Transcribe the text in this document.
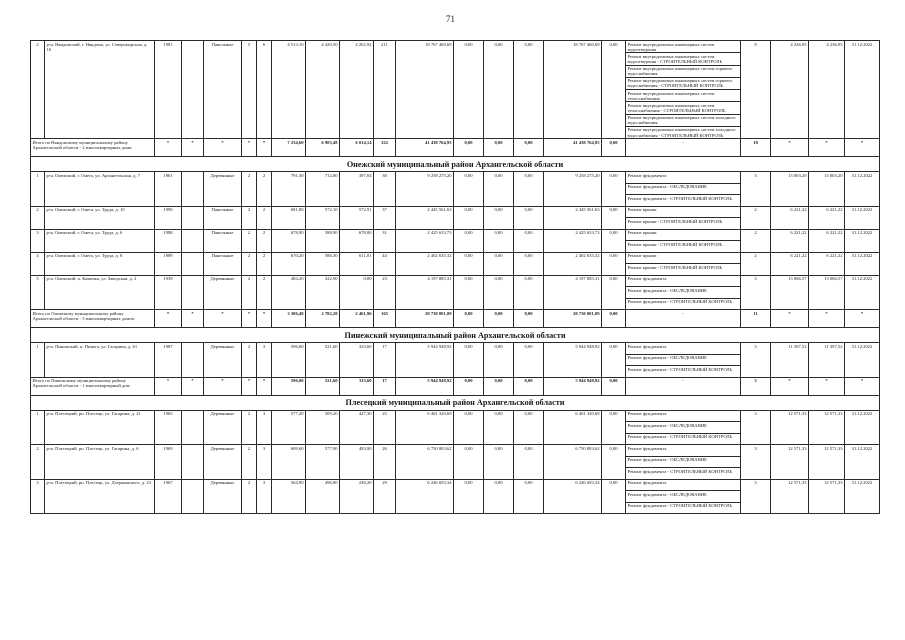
71
2	р-н. Няндомский, г. Няндома, ул. Североморская, д. 16	1981		Панельные	5	6	4 513,10	4 429,50	4 202,92	211	18 767 460,69	0,00	0,00	0,00	18 767 460,69	0,00	Ремонт внутридомовых инженерных систем водоотведения	8	4 236,95	4 236,95	31.12.2022
																	Ремонт внутридомовых инженерных систем водоотведения - СТРОИТЕЛЬНЫЙ КОНТРОЛЬ				
																	Ремонт внутридомовых инженерных систем горячего водоснабжения				
																	Ремонт внутридомовых инженерных систем горячего водоснабжения - СТРОИТЕЛЬНЫЙ КОНТРОЛЬ				
																	Ремонт внутридомовых инженерных систем теплоснабжения				
																	Ремонт внутридомовых инженерных систем теплоснабжения - СТРОИТЕЛЬНЫЙ КОНТРОЛЬ				
																	Ремонт внутридомовых инженерных систем холодного водоснабжения				
																	Ремонт внутридомовых инженерных систем холодного водоснабжения - СТРОИТЕЛЬНЫЙ КОНТРОЛЬ				
Итого по Няндомскому муниципальному району Архангельской области - 2 многоквартирных дома:		*	*	*	*	*	7 234,60	6 983,48	6 014,14	322	41 438 764,95	0,00	0,00	0,00	41 438 764,95	0,00	-	18	*	*	*
Онежский муниципальный район Архангельской области																					
1	р-н. Онежский, г. Онега, ул. Архангельская, д. 7	1961		Деревянные	2	2	791,30	712,00	397,04	30	9 258 275,20	0,00	0,00	0,00	9 258 275,20	0,00	Ремонт фундамента	3	13 003,20	13 003,20	31.12.2022
																	Ремонт фундамента - ОБСЛЕДОВАНИЕ				
																	Ремонт фундамента - СТРОИТЕЛЬНЫЙ КОНТРОЛЬ				
2	р-н. Онежский, г. Онега, ул. Труда, д. 10	1990		Панельные	2	2	681,80	572,10	572,91	37	2 445 561,63	0,00	0,00	0,00	2 445 561,63	0,00	Ремонт крыши	2	6 221,22	6 221,22	31.12.2022
																	Ремонт крыши - СТРОИТЕЛЬНЫЙ КОНТРОЛЬ				
3	р-н. Онежский, г. Онега, ул. Труда, д. 6	1988		Панельные	2	2	678,90	588,90	678,00	31	2 425 633,73	0,00	0,00	0,00	2 425 633,73	0,00	Ремонт крыши	2	6 221,22	6 221,22	31.12.2022
																	Ремонт крыши - СТРОИТЕЛЬНЫЙ КОНТРОЛЬ				
4	р-н. Онежский, г. Онега, ул. Труда, д. 8	1989		Панельные	2	2	670,20	586,30	611,01	44	2 402 635,32	0,00	0,00	0,00	2 402 635,32	0,00	Ремонт крыши	2	6 221,22	6 221,22	31.12.2022
																	Ремонт крыши - СТРОИТЕЛЬНЫЙ КОНТРОЛЬ				
5	р-н. Онежский, п. Каменка, ул. Заводская, д. 2	1939		Деревянные	2	2	484,20	322,90	0,00	23	4 197 885,31	0,00	0,00	0,00	4 197 885,31	0,00	Ремонт фундамента	3	13 066,57	13 066,57	31.12.2022
																	Ремонт фундамента - ОБСЛЕДОВАНИЕ				
																	Ремонт фундамента - СТРОИТЕЛЬНЫЙ КОНТРОЛЬ				
Итого по Онежскому муниципальному району Архангельской области - 5 многоквартирных домов:		*	*	*	*	*	3 306,40	2 782,20	2 461,96	165	20 730 001,09	0,00	0,00	0,00	20 730 001,09	0,00	-	11	*	*	*
Пинежский муниципальный район Архангельской области																					
1	р-н. Пинежский, п. Пинега, ул. Гагарина, д. 61	1987		Деревянные	2	3	596,00	521,60	333,60	17	5 944 948,92	0,00	0,00	0,00	5 944 948,92	0,00	Ремонт фундамента	3	11 397,52	11 397,52	31.12.2022
																	Ремонт фундамента - ОБСЛЕДОВАНИЕ				
																	Ремонт фундамента - СТРОИТЕЛЬНЫЙ КОНТРОЛЬ				
Итого по Пинежскому муниципальному району Архангельской области - 1 многоквартирный дом:		*	*	*	*	*	596,00	521,60	333,60	17	5 944 948,92	0,00	0,00	0,00	5 944 948,92	0,00	-	3	*	*	*
Плесецкий муниципальный район Архангельской области																					
1	р-н. Плесецкий, рп. Плесецк, ул. Гагарина, д. 21	1965		Деревянные	2	3	577,20	509,20	427,30	25	6 401 320,69	0,00	0,00	0,00	6 401 320,69	0,00	Ремонт фундамента	3	12 571,33	12 571,33	31.12.2022
																	Ремонт фундамента - ОБСЛЕДОВАНИЕ				
																	Ремонт фундамента - СТРОИТЕЛЬНЫЙ КОНТРОЛЬ				
2	р-н. Плесецкий, рп. Плесецк, ул. Гагарина, д. 6	1969		Деревянные	2	3	609,60	577,90	483,90	26	6 750 803,62	0,00	0,00	0,00	6 750 803,62	0,00	Ремонт фундамента	3	12 571,33	12 571,33	31.12.2022
																	Ремонт фундамента - ОБСЛЕДОВАНИЕ				
																	Ремонт фундамента - СТРОИТЕЛЬНЫЙ КОНТРОЛЬ				
3	р-н. Плесецкий, рп. Плесецк, ул. Дзержинского, д. 23	1967		Деревянные	2	3	564,90	496,90	248,20	29	6 246 693,34	0,00	0,00	0,00	6 246 693,34	0,00	Ремонт фундамента	3	12 571,33	12 571,33	31.12.2022
																	Ремонт фундамента - ОБСЛЕДОВАНИЕ				
																	Ремонт фундамента - СТРОИТЕЛЬНЫЙ КОНТРОЛЬ				
